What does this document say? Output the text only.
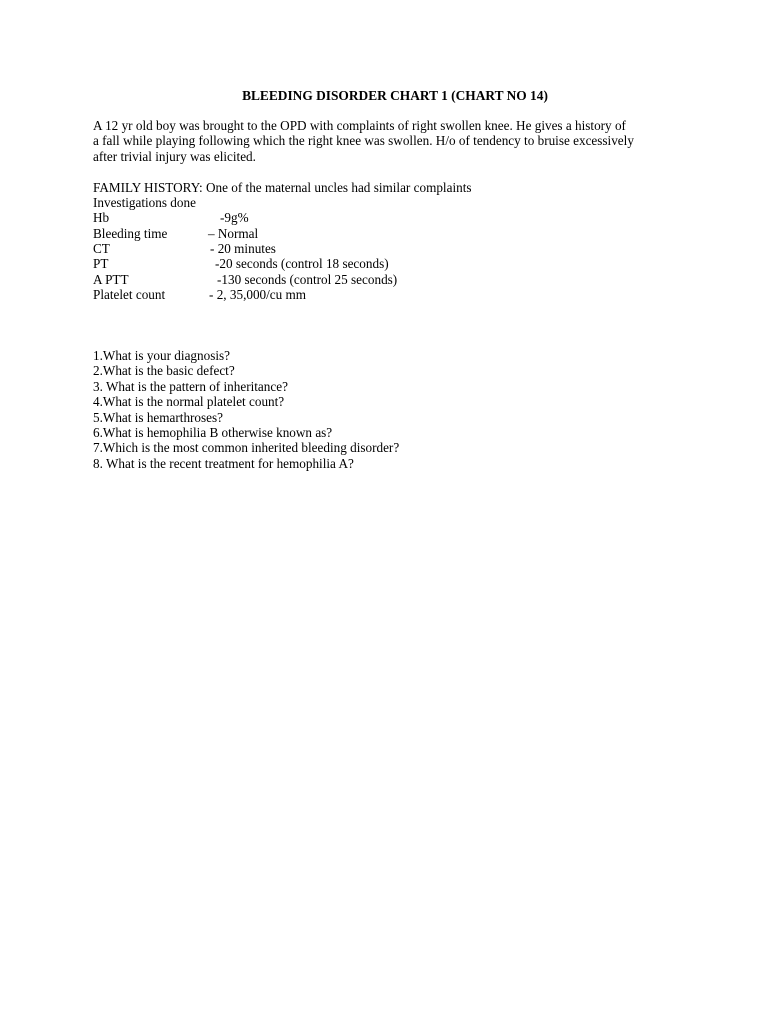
BLEEDING DISORDER CHART 1 (CHART NO 14)
A 12 yr old boy was brought to the OPD with complaints of right swollen knee. He gives a history of
a fall while playing following which the right knee was swollen. H/o of tendency to bruise excessively
after trivial injury was elicited.
FAMILY HISTORY: One of the maternal uncles had similar complaints
Investigations done
Hb	-9g%
Bleeding time	– Normal
CT	- 20 minutes
PT	-20 seconds (control 18 seconds)
A PTT	-130 seconds (control 25 seconds)
Platelet count	- 2, 35,000/cu mm
1.What is your diagnosis?
2.What is the basic defect?
3. What is the pattern of inheritance?
4.What is the normal platelet count?
5.What is hemarthroses?
6.What is hemophilia B otherwise known as?
7.Which is the most common inherited bleeding disorder?
8. What is the recent treatment for hemophilia A?
